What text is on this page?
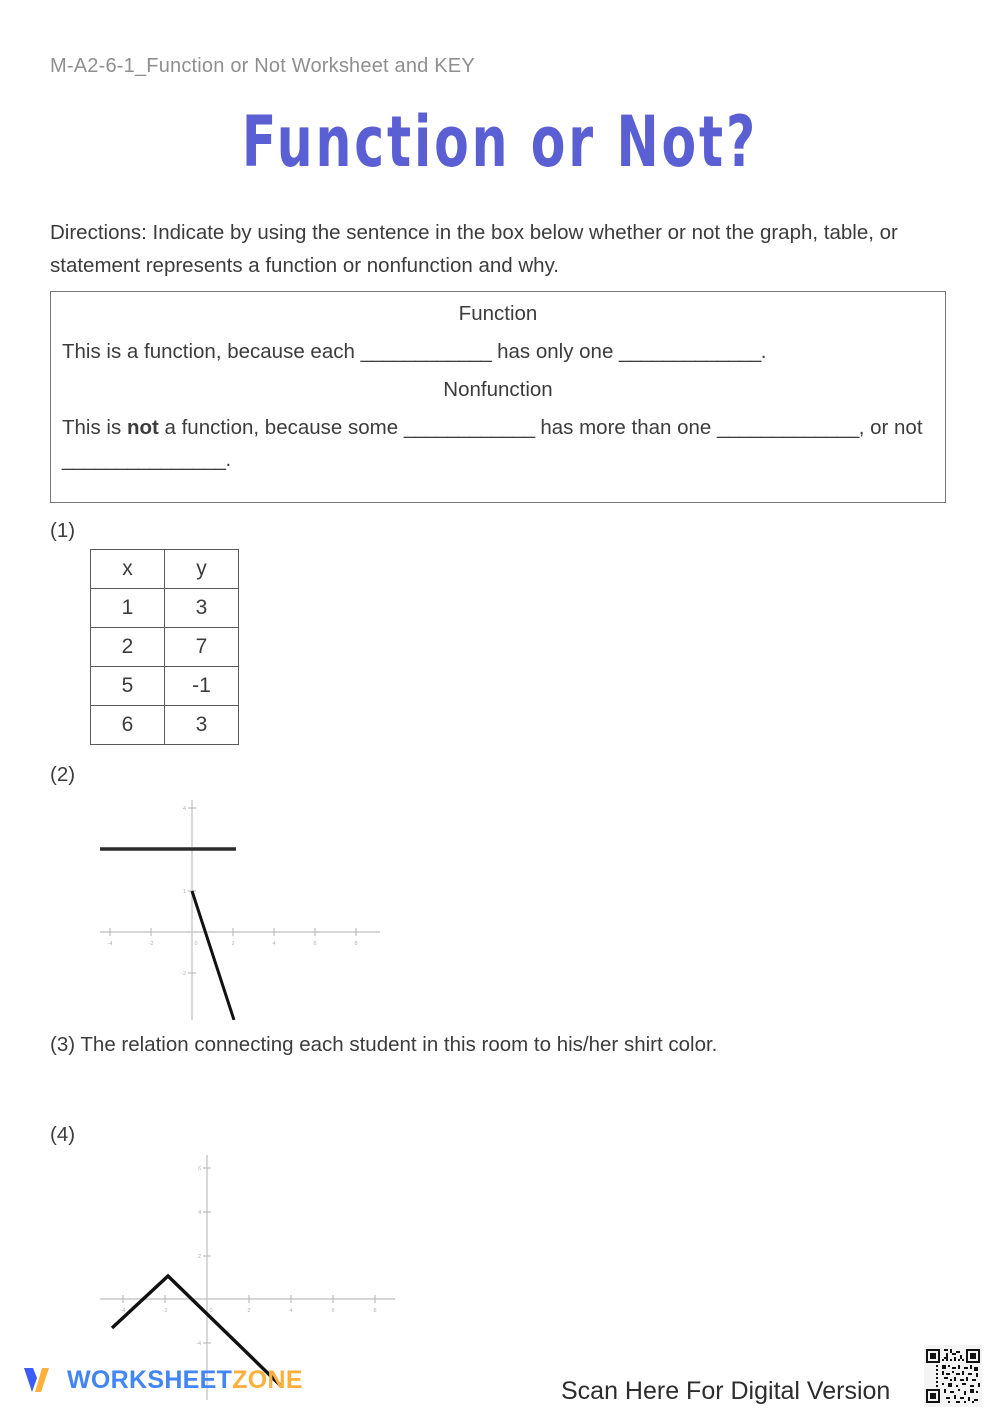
M-A2-6-1_Function or Not Worksheet and KEY
Function or Not?
Directions: Indicate by using the sentence in the box below whether or not the graph, table, or statement represents a function or nonfunction and why.
Function
This is a function, because each ____________ has only one _____________.
Nonfunction
This is not a function, because some ____________ has more than one _____________, or not _______________.
(1)
x	y
1	3
2	7
5	-1
6	3
(2)
-4	-2	0	2	4	6	8
4
1
-2
(3) The relation connecting each student in this room to his/her shirt color.
(4)
-4	-2	0	2	4	6	8
6
4
2
-4
WORKSHEETZONE	Scan Here For Digital Version
